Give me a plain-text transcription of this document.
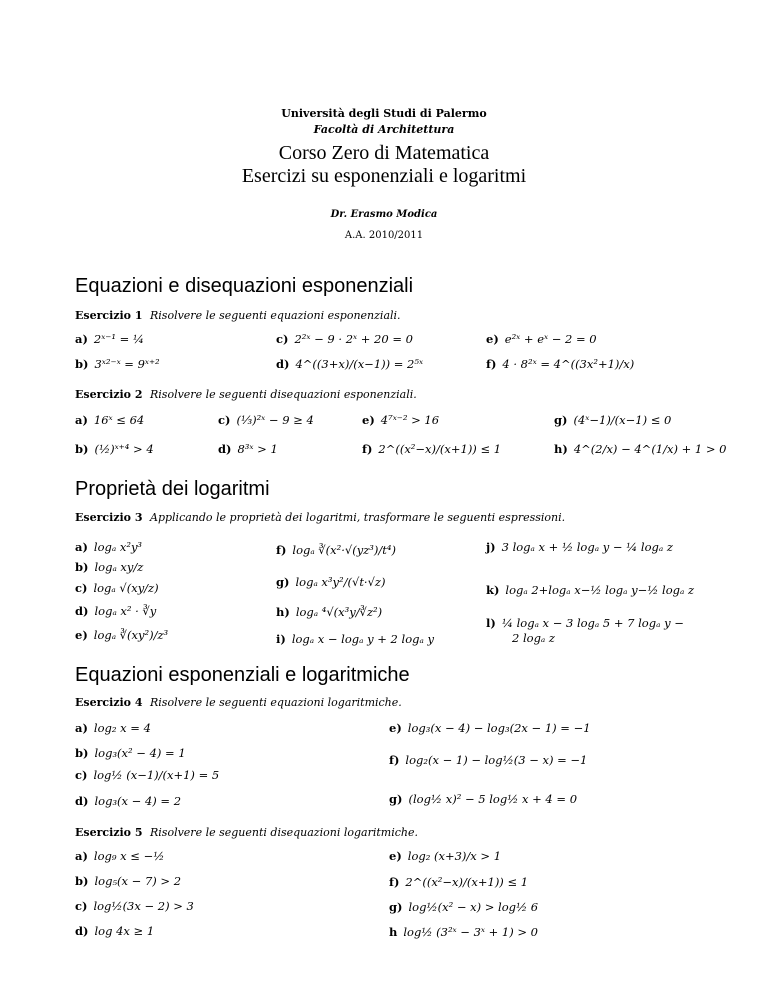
Università degli Studi di Palermo
Facoltà di Architettura
Corso Zero di Matematica
Esercizi su esponenziali e logaritmi
Dr. Erasmo Modica
A.A. 2010/2011
Equazioni e disequazioni esponenziali
Esercizio 1 Risolvere le seguenti equazioni esponenziali.
a) 2ˣ⁻¹ = ¼
b) 3ˣ²⁻ˣ = 9ˣ⁺²
c) 2²ˣ − 9 · 2ˣ + 20 = 0
d) 4^((3+x)/(x−1)) = 2⁵ˣ
e) e²ˣ + eˣ − 2 = 0
f) 4 · 8²ˣ = 4^((3x²+1)/x)
Esercizio 2 Risolvere le seguenti disequazioni esponenziali.
a) 16ˣ ≤ 64
b) (½)ˣ⁺⁴ > 4
c) (⅓)²ˣ − 9 ≥ 4
d) 8³ˣ > 1
e) 4⁷ˣ⁻² > 16
f) 2^((x²−x)/(x+1)) ≤ 1
g) (4ˣ−1)/(x−1) ≤ 0
h) 4^(2/x) − 4^(1/x) + 1 > 0
Proprietà dei logaritmi
Esercizio 3 Applicando le proprietà dei logaritmi, trasformare le seguenti espressioni.
a) logₐ x²y³
b) logₐ xy/z
c) logₐ √(xy/z)
d) logₐ x² · ∛y
e) logₐ ∛(xy²)/z³
f) logₐ ∛(x²·√(yz³)/t⁴)
g) logₐ x³y²/(√t·√z)
h) logₐ ⁴√(x³y/∛z²)
i) logₐ x − logₐ y + 2 logₐ y
j) 3 logₐ x + ½ logₐ y − ¼ logₐ z
k) logₐ 2+logₐ x−½ logₐ y−½ logₐ z
l) ¼ logₐ x − 3 logₐ 5 + 7 logₐ y −
2 logₐ z
Equazioni esponenziali e logaritmiche
Esercizio 4 Risolvere le seguenti equazioni logaritmiche.
a) log₂ x = 4
b) log₃(x² − 4) = 1
c) log½ (x−1)/(x+1) = 5
d) log₃(x − 4) = 2
e) log₃(x − 4) − log₃(2x − 1) = −1
f) log₂(x − 1) − log½(3 − x) = −1
g) (log½ x)² − 5 log½ x + 4 = 0
Esercizio 5 Risolvere le seguenti disequazioni logaritmiche.
a) log₉ x ≤ −½
b) log₅(x − 7) > 2
c) log½(3x − 2) > 3
d) log 4x ≥ 1
e) log₂ (x+3)/x > 1
f) 2^((x²−x)/(x+1)) ≤ 1
g) log½(x² − x) > log½ 6
h log½ (3²ˣ − 3ˣ + 1) > 0
